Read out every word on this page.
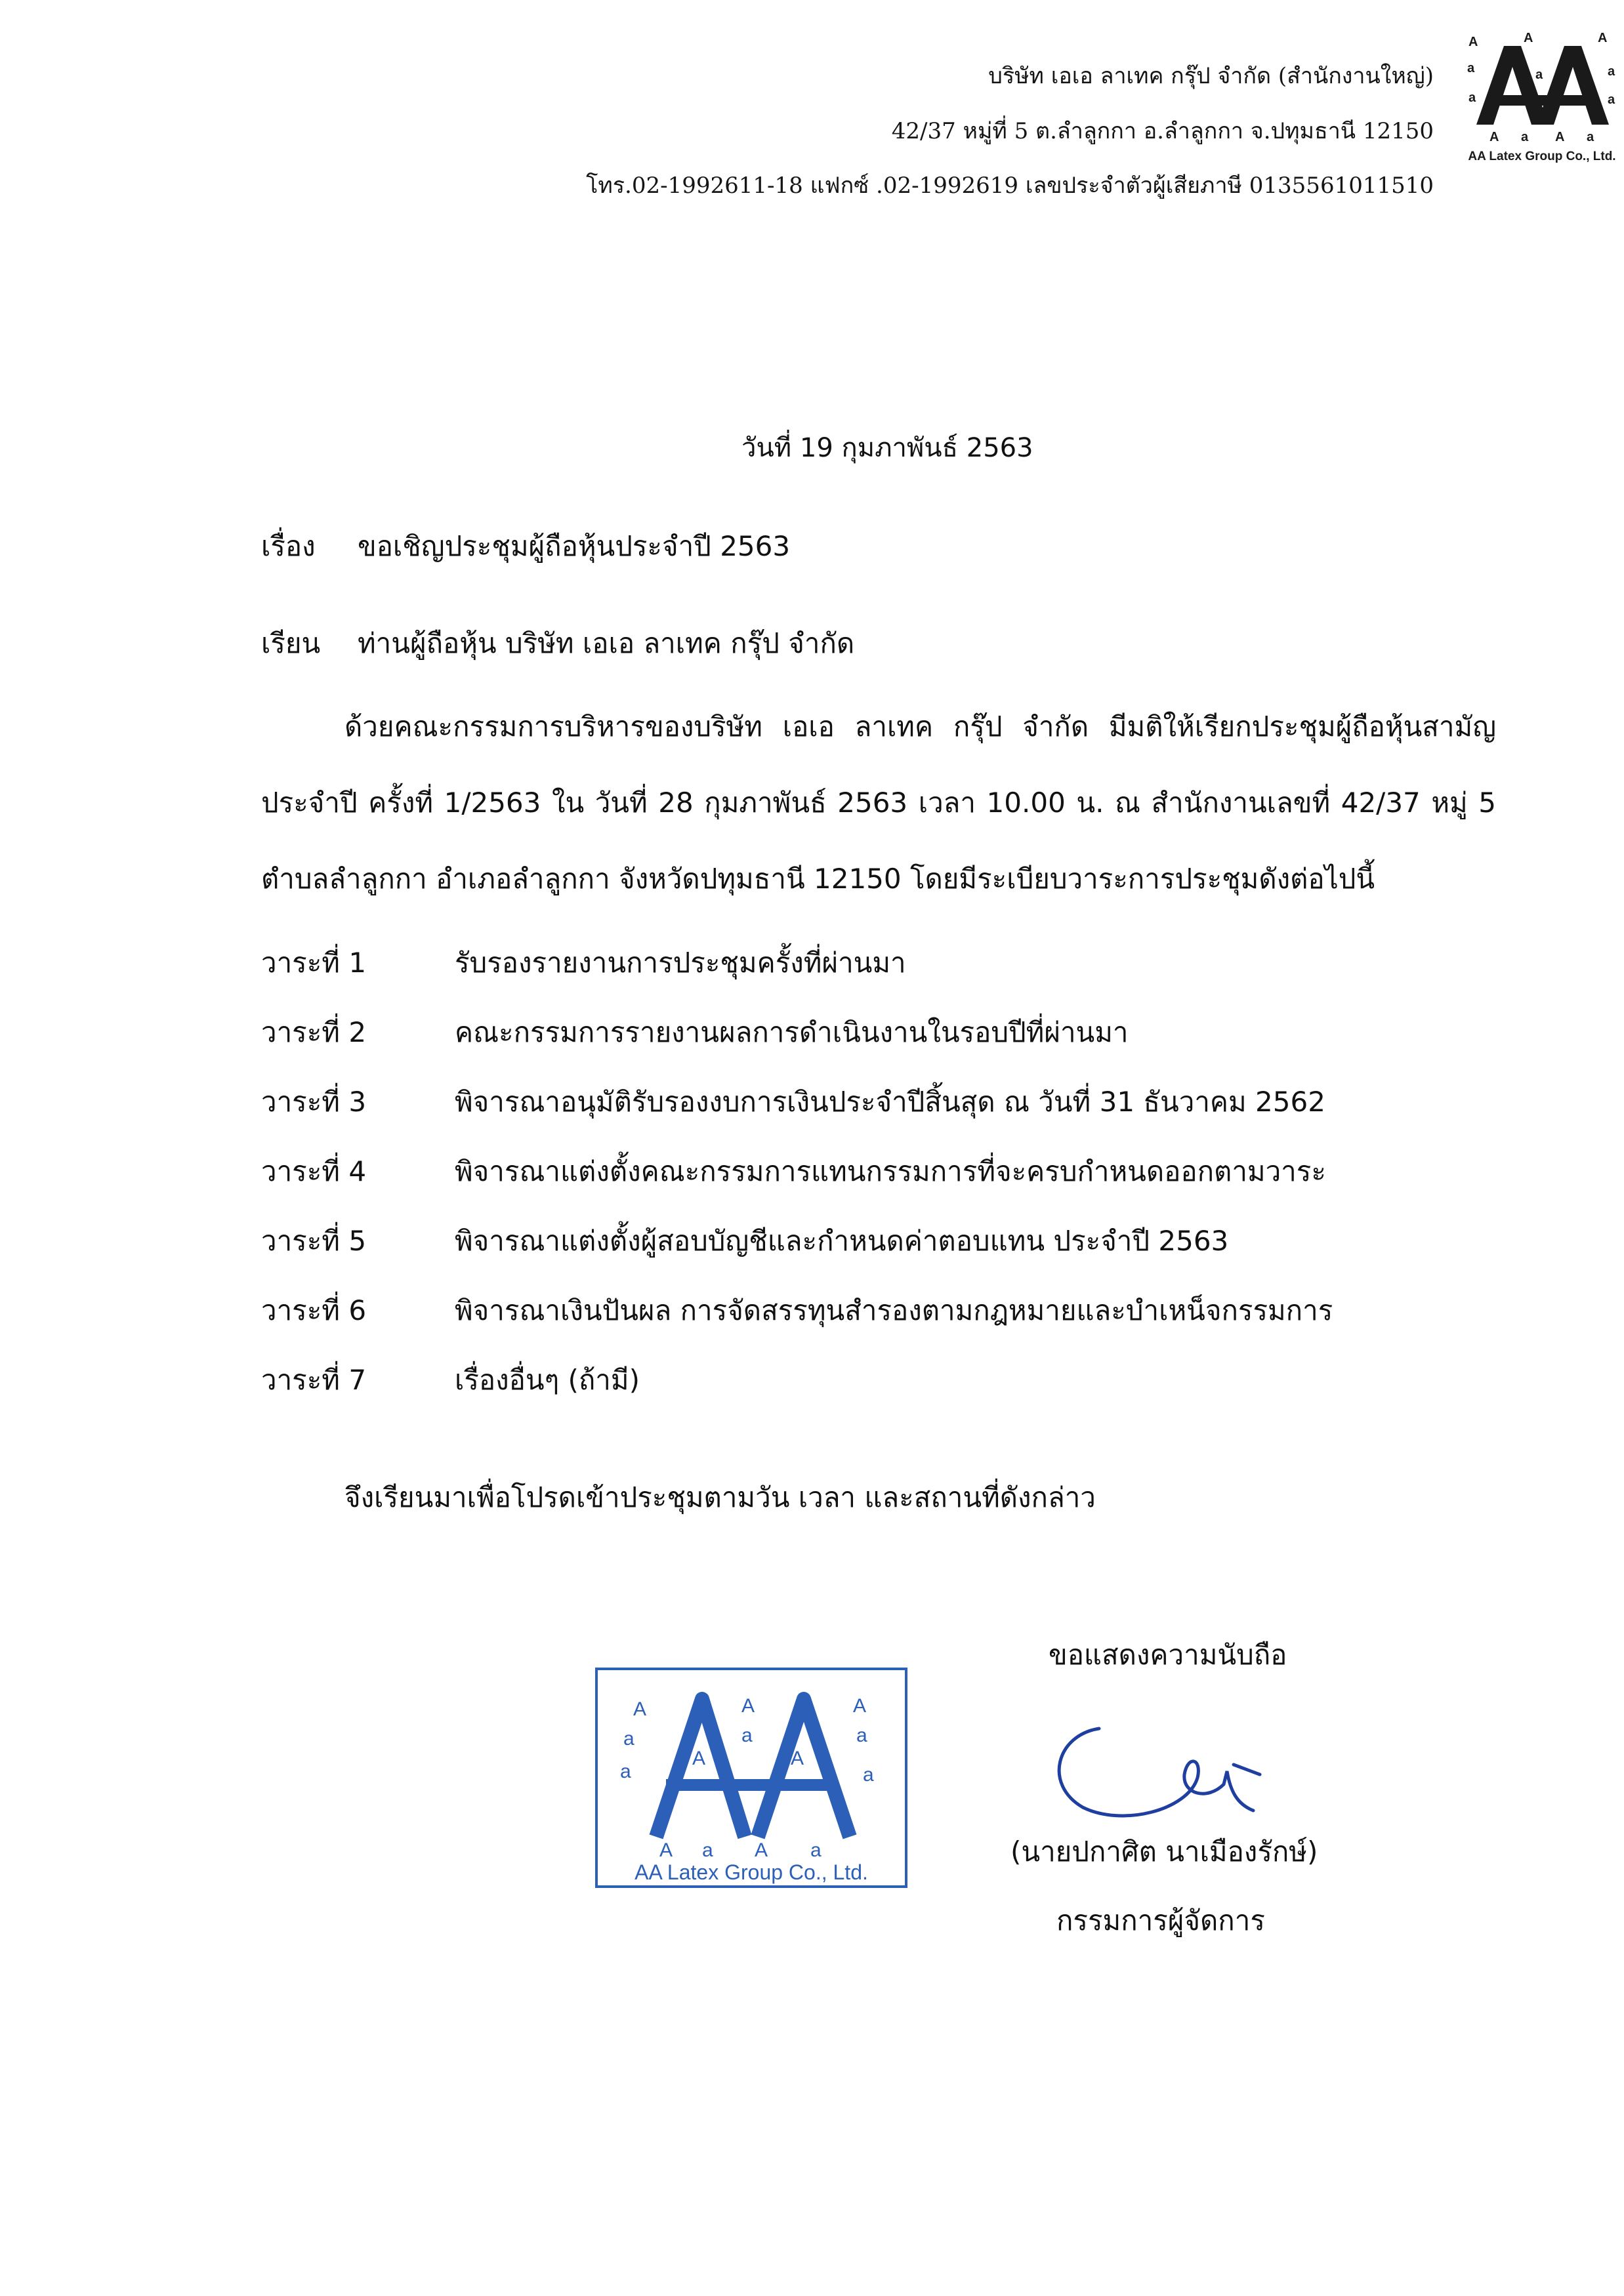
บริษัท เอเอ ลาเทค กรุ๊ป จำกัด (สำนักงานใหญ่)
42/37 หมู่ที่ 5 ต.ลำลูกกา อ.ลำลูกกา จ.ปทุมธานี 12150
โทร.02-1992611-18 แฟกซ์ .02-1992619 เลขประจำตัวผู้เสียภาษี 0135561011510
A	A	A
a	a	a
a	a
A a A a
A	A
AA Latex Group Co., Ltd.
วันที่ 19 กุมภาพันธ์ 2563
เรื่อง ขอเชิญประชุมผู้ถือหุ้นประจำปี 2563
เรียน ท่านผู้ถือหุ้น บริษัท เอเอ ลาเทค กรุ๊ป จำกัด
ด้วยคณะกรรมการบริหารของบริษัท เอเอ ลาเทค กรุ๊ป จำกัด มีมติให้เรียกประชุมผู้ถือหุ้นสามัญประจำปี ครั้งที่ 1/2563 ใน วันที่ 28 กุมภาพันธ์ 2563 เวลา 10.00 น. ณ สำนักงานเลขที่ 42/37 หมู่ 5 ตำบลลำลูกกา อำเภอลำลูกกา จังหวัดปทุมธานี 12150 โดยมีระเบียบวาระการประชุมดังต่อไปนี้
วาระที่ 1	รับรองรายงานการประชุมครั้งที่ผ่านมา
วาระที่ 2	คณะกรรมการรายงานผลการดำเนินงานในรอบปีที่ผ่านมา
วาระที่ 3	พิจารณาอนุมัติรับรองงบการเงินประจำปีสิ้นสุด ณ วันที่ 31 ธันวาคม 2562
วาระที่ 4	พิจารณาแต่งตั้งคณะกรรมการแทนกรรมการที่จะครบกำหนดออกตามวาระ
วาระที่ 5	พิจารณาแต่งตั้งผู้สอบบัญชีและกำหนดค่าตอบแทน ประจำปี 2563
วาระที่ 6	พิจารณาเงินปันผล การจัดสรรทุนสำรองตามกฎหมายและบำเหน็จกรรมการ
วาระที่ 7	เรื่องอื่นๆ (ถ้ามี)
จึงเรียนมาเพื่อโปรดเข้าประชุมตามวัน เวลา และสถานที่ดังกล่าว
A	A	A
a	a	a
a
A	A
a
A a A a
AA Latex Group Co., Ltd.
ขอแสดงความนับถือ
(นายปกาศิต นาเมืองรักษ์)
กรรมการผู้จัดการ
